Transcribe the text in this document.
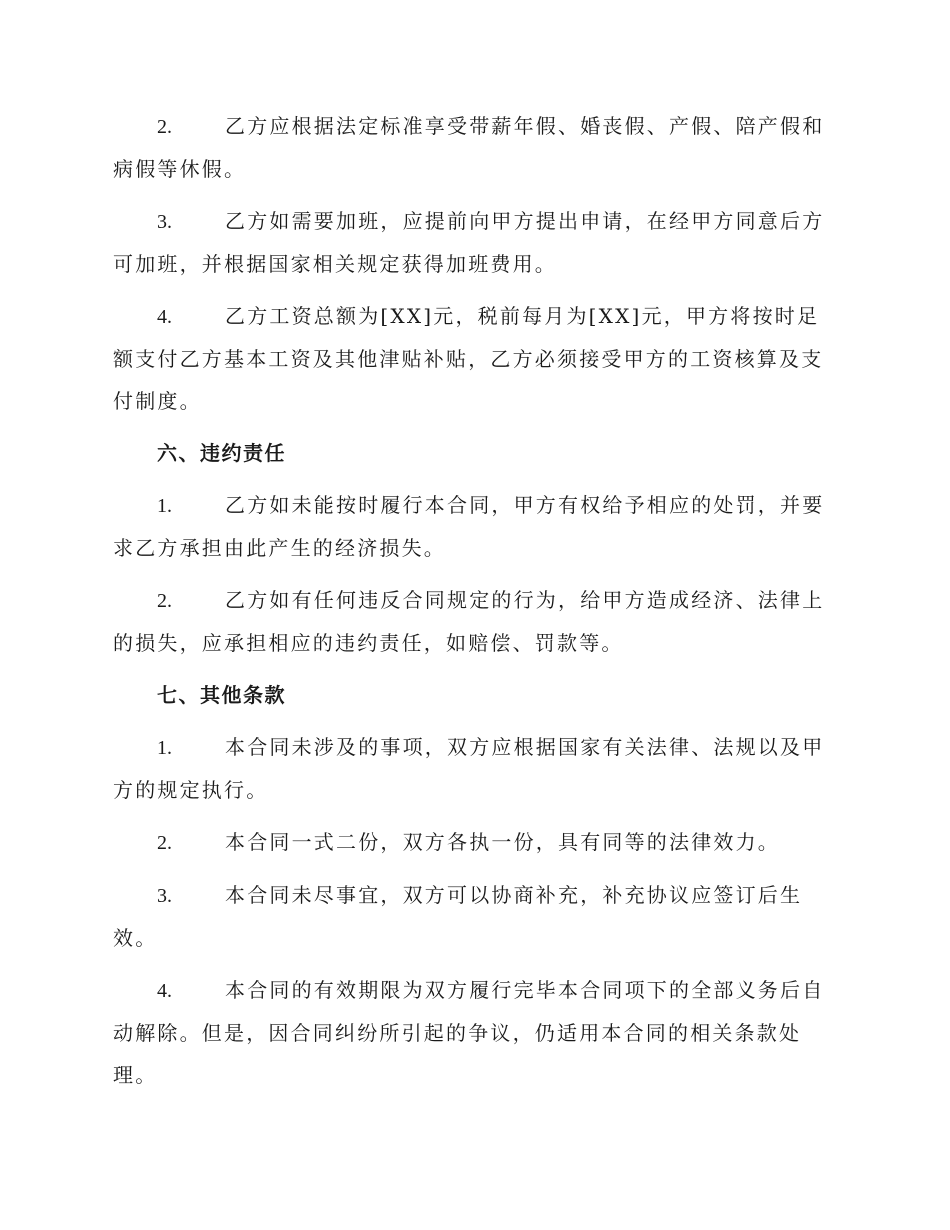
2.	乙方应根据法定标准享受带薪年假、婚丧假、产假、陪产假和病假等休假。

3.	乙方如需要加班，应提前向甲方提出申请，在经甲方同意后方可加班，并根据国家相关规定获得加班费用。

4.	乙方工资总额为[XX]元，税前每月为[XX]元，甲方将按时足额支付乙方基本工资及其他津贴补贴，乙方必须接受甲方的工资核算及支付制度。

六、违约责任

1.	乙方如未能按时履行本合同，甲方有权给予相应的处罚，并要求乙方承担由此产生的经济损失。

2.	乙方如有任何违反合同规定的行为，给甲方造成经济、法律上的损失，应承担相应的违约责任，如赔偿、罚款等。

七、其他条款

1.	本合同未涉及的事项，双方应根据国家有关法律、法规以及甲方的规定执行。

2.	本合同一式二份，双方各执一份，具有同等的法律效力。

3.	本合同未尽事宜，双方可以协商补充，补充协议应签订后生效。

4.	本合同的有效期限为双方履行完毕本合同项下的全部义务后自动解除。但是，因合同纠纷所引起的争议，仍适用本合同的相关条款处理。
